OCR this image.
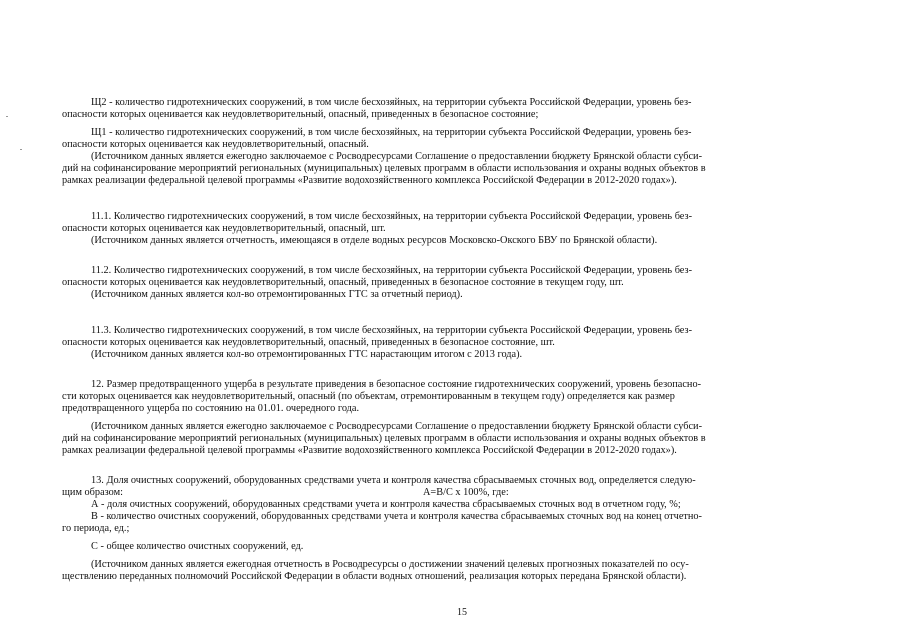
Щ2 - количество гидротехнических сооружений, в том числе бесхозяйных, на территории субъекта Российской Федерации, уровень без-
опасности которых оценивается как неудовлетворительный, опасный, приведенных в безопасное состояние;
Щ1 - количество гидротехнических сооружений, в том числе бесхозяйных, на территории субъекта Российской Федерации, уровень без-
опасности которых оценивается как неудовлетворительный, опасный.
(Источником данных является ежегодно заключаемое с Росводресурсами Соглашение о предоставлении бюджету Брянской области субси-
дий на софинансирование мероприятий региональных (муниципальных) целевых программ в области использования и охраны водных объектов в
рамках реализации федеральной целевой программы «Развитие водохозяйственного комплекса Российской Федерации в 2012-2020 годах»).
11.1. Количество гидротехнических сооружений, в том числе бесхозяйных, на территории субъекта Российской Федерации, уровень без-
опасности которых оценивается как неудовлетворительный, опасный, шт.
(Источником данных является отчетность, имеющаяся в отделе водных ресурсов Московско-Окского БВУ по Брянской области).
11.2. Количество гидротехнических сооружений, в том числе бесхозяйных, на территории субъекта Российской Федерации, уровень без-
опасности которых оценивается как неудовлетворительный, опасный, приведенных в безопасное состояние в текущем году, шт.
(Источником данных является кол-во отремонтированных ГТС за отчетный период).
11.3. Количество гидротехнических сооружений, в том числе бесхозяйных, на территории субъекта Российской Федерации, уровень без-
опасности которых оценивается как неудовлетворительный, опасный, приведенных в безопасное состояние, шт.
(Источником данных является кол-во отремонтированных ГТС нарастающим итогом с 2013 года).
12. Размер предотвращенного ущерба в результате приведения в безопасное состояние гидротехнических сооружений, уровень безопасно-
сти которых оценивается как неудовлетворительный, опасный (по объектам, отремонтированным в текущем году) определяется как размер
предотвращенного ущерба по состоянию на 01.01. очередного года.
(Источником данных является ежегодно заключаемое с Росводресурсами Соглашение о предоставлении бюджету Брянской области субси-
дий на софинансирование мероприятий региональных (муниципальных) целевых программ в области использования и охраны водных объектов в
рамках реализации федеральной целевой программы «Развитие водохозяйственного комплекса Российской Федерации в 2012-2020 годах»).
13. Доля очистных сооружений, оборудованных средствами учета и контроля качества сбрасываемых сточных вод, определяется следую-
щим образом:	А=В/С х 100%, где:
А - доля очистных сооружений, оборудованных средствами учета и контроля качества сбрасываемых сточных вод в отчетном году, %;
В - количество очистных сооружений, оборудованных средствами учета и контроля качества сбрасываемых сточных вод на конец отчетно-
го периода, ед.;
С - общее количество очистных сооружений, ед.
(Источником данных является ежегодная отчетность в Росводресурсы о достижении значений целевых прогнозных показателей по осу-
ществлению переданных полномочий Российской Федерации в области водных отношений, реализация которых передана Брянской области).
15
